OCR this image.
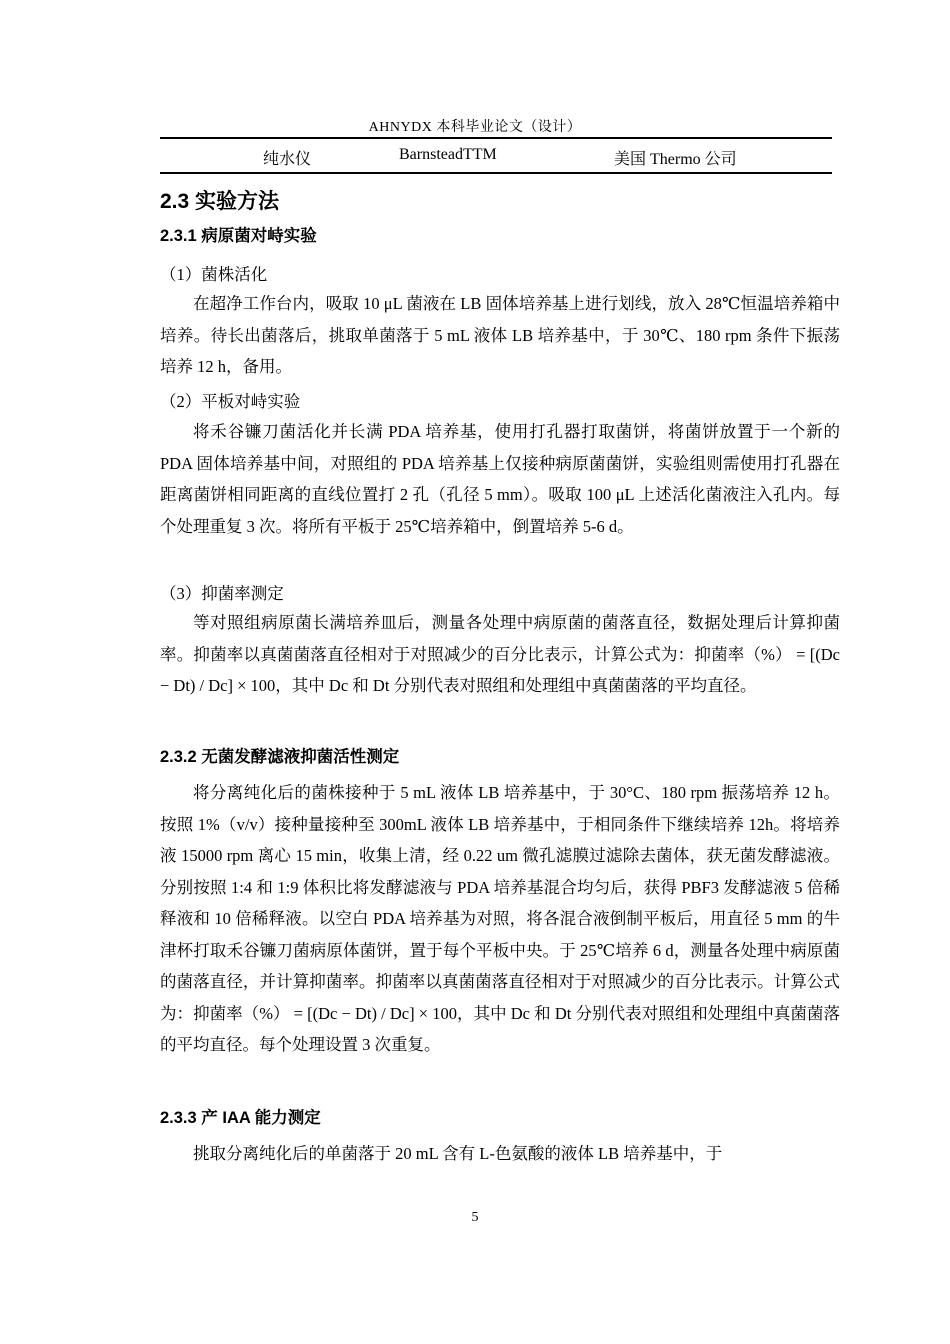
AHNYDX 本科毕业论文（设计）
纯水仪	BarnsteadTTM	美国 Thermo 公司
2.3 实验方法
2.3.1 病原菌对峙实验
（1）菌株活化
在超净工作台内，吸取 10 μL 菌液在 LB 固体培养基上进行划线，放入 28℃恒温培养箱中培养。待长出菌落后，挑取单菌落于 5 mL 液体 LB 培养基中，于 30℃、180 rpm 条件下振荡培养 12 h，备用。
（2）平板对峙实验
将禾谷镰刀菌活化并长满 PDA 培养基，使用打孔器打取菌饼，将菌饼放置于一个新的 PDA 固体培养基中间，对照组的 PDA 培养基上仅接种病原菌菌饼，实验组则需使用打孔器在距离菌饼相同距离的直线位置打 2 孔（孔径 5 mm）。吸取 100 μL 上述活化菌液注入孔内。每个处理重复 3 次。将所有平板于 25℃培养箱中，倒置培养 5-6 d。
（3）抑菌率测定
等对照组病原菌长满培养皿后，测量各处理中病原菌的菌落直径，数据处理后计算抑菌率。抑菌率以真菌菌落直径相对于对照减少的百分比表示，计算公式为：抑菌率（%） = [(Dc − Dt) / Dc] × 100，其中 Dc 和 Dt 分别代表对照组和处理组中真菌菌落的平均直径。
2.3.2 无菌发酵滤液抑菌活性测定
将分离纯化后的菌株接种于 5 mL 液体 LB 培养基中，于 30°C、180 rpm 振荡培养 12 h。按照 1%（v/v）接种量接种至 300mL 液体 LB 培养基中，于相同条件下继续培养 12h。将培养液 15000 rpm 离心 15 min，收集上清，经 0.22 um 微孔滤膜过滤除去菌体，获无菌发酵滤液。分别按照 1:4 和 1:9 体积比将发酵滤液与 PDA 培养基混合均匀后，获得 PBF3 发酵滤液 5 倍稀释液和 10 倍稀释液。以空白 PDA 培养基为对照，将各混合液倒制平板后，用直径 5 mm 的牛津杯打取禾谷镰刀菌病原体菌饼，置于每个平板中央。于 25℃培养 6 d，测量各处理中病原菌的菌落直径，并计算抑菌率。抑菌率以真菌菌落直径相对于对照减少的百分比表示。计算公式为：抑菌率（%） = [(Dc − Dt) / Dc] × 100，其中 Dc 和 Dt 分别代表对照组和处理组中真菌菌落的平均直径。每个处理设置 3 次重复。
2.3.3 产 IAA 能力测定
挑取分离纯化后的单菌落于 20 mL 含有 L-色氨酸的液体 LB 培养基中，于
5
